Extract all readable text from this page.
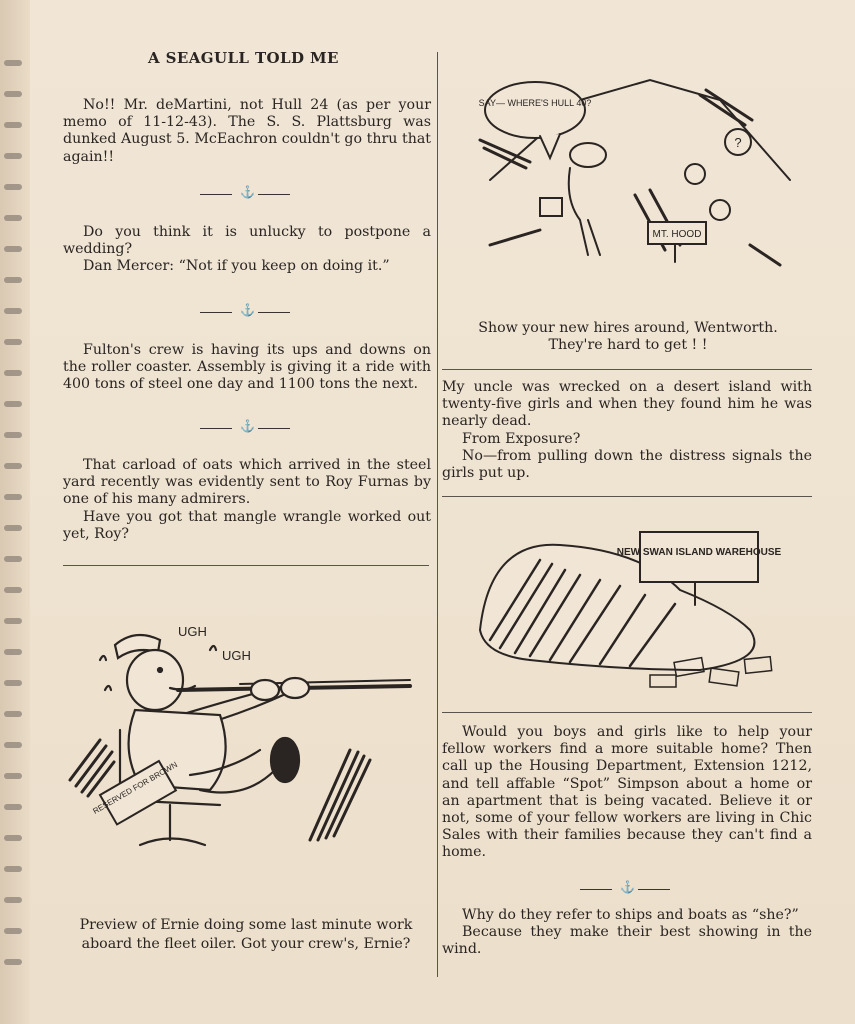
A SEAGULL TOLD ME

No!! Mr. deMartini, not Hull 24 (as per your memo of 11-12-43). The S. S. Plattsburg was dunked August 5. McEachron couldn't go thru that again!!

⚓

Do you think it is unlucky to postpone a wedding?

Dan Mercer: “Not if you keep on doing it.”

⚓

Fulton's crew is having its ups and downs on the roller coaster. Assembly is giving it a ride with 400 tons of steel one day and 1100 tons the next.

⚓

That carload of oats which arrived in the steel yard recently was evidently sent to Roy Furnas by one of his many admirers.

Have you got that mangle wrangle worked out yet, Roy?

RESERVED FOR BROWN
UGH
UGH
Preview of Ernie doing some last minute work aboard the fleet oiler. Got your crew's, Ernie?
SAY— WHERE'S HULL 40?
?
MT. HOOD

Show your new hires around, Wentworth.

They're hard to get ! !

My uncle was wrecked on a desert island with twenty-five girls and when they found him he was nearly dead.

From Exposure?

No—from pulling down the distress signals the girls put up.

NEW SWAN ISLAND WAREHOUSE

Would you boys and girls like to help your fellow workers find a more suitable home? Then call up the Housing Department, Extension 1212, and tell affable “Spot” Simpson about a home or an apartment that is being vacated. Believe it or not, some of your fellow workers are living in Chic Sales with their families because they can't find a home.

⚓

Why do they refer to ships and boats as “she?”

Because they make their best showing in the wind.
